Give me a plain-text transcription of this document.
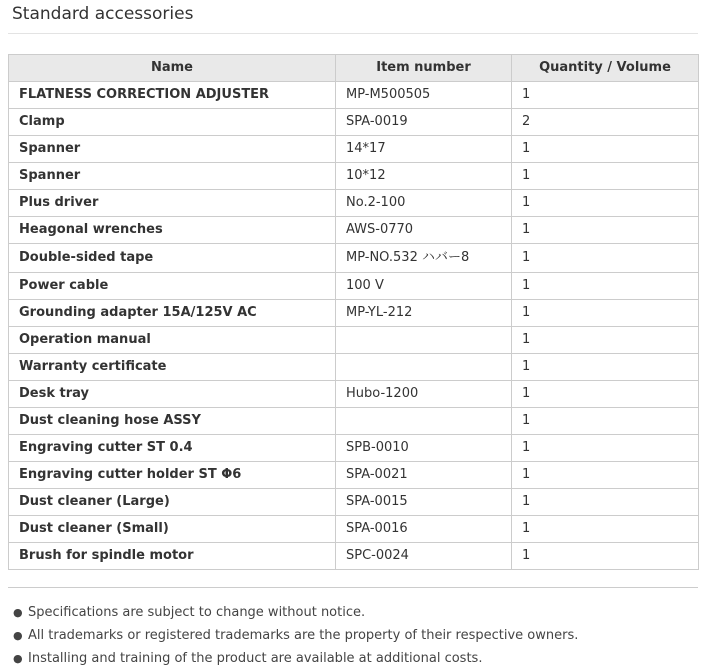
Standard accessories
Name	Item number	Quantity / Volume
FLATNESS CORRECTION ADJUSTER	MP-M500505	1
Clamp	SPA-0019	2
Spanner	14*17	1
Spanner	10*12	1
Plus driver	No.2-100	1
Heagonal wrenches	AWS-0770	1
Double-sided tape	MP-NO.532 ハバー8	1
Power cable	100 V	1
Grounding adapter 15A/125V AC	MP-YL-212	1
Operation manual		1
Warranty certificate		1
Desk tray	Hubo-1200	1
Dust cleaning hose ASSY		1
Engraving cutter ST 0.4	SPB-0010	1
Engraving cutter holder ST Φ6	SPA-0021	1
Dust cleaner (Large)	SPA-0015	1
Dust cleaner (Small)	SPA-0016	1
Brush for spindle motor	SPC-0024	1
● Specifications are subject to change without notice.
● All trademarks or registered trademarks are the property of their respective owners.
● Installing and training of the product are available at additional costs.
